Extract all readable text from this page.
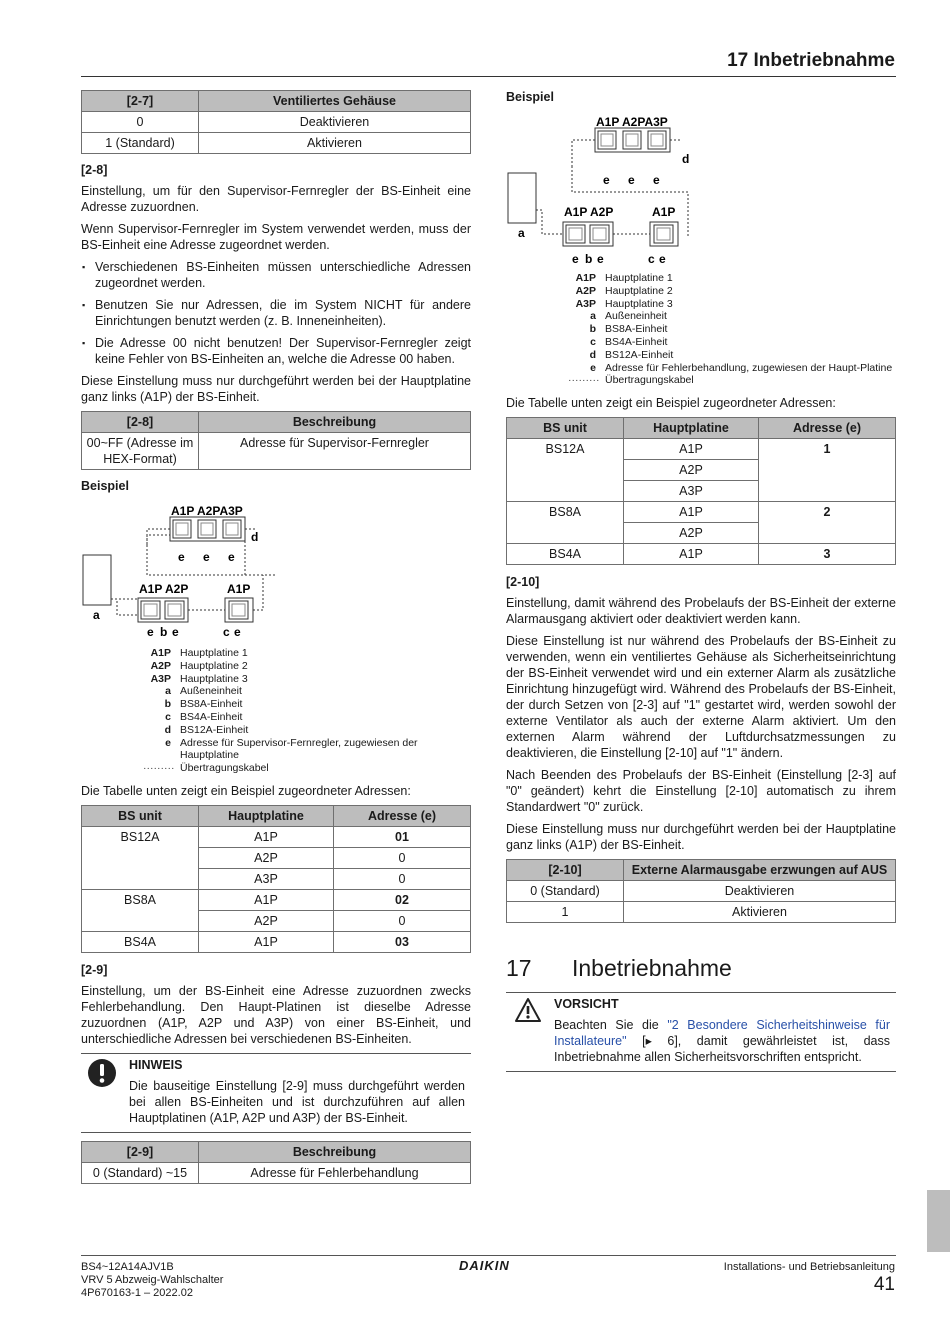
17 Inbetriebnahme
[2-7]	Ventiliertes Gehäuse
0	Deaktivieren
1 (Standard)	Aktivieren
[2-8]

Einstellung, um für den Supervisor-Fernregler der BS-Einheit eine Adresse zuzuordnen.

Wenn Supervisor-Fernregler im System verwendet werden, muss der BS-Einheit eine Adresse zugeordnet werden.

▪ Verschiedenen BS-Einheiten müssen unterschiedliche Adressen zugeordnet werden.
▪ Benutzen Sie nur Adressen, die im System NICHT für andere Einrichtungen benutzt werden (z. B. Inneneinheiten).
▪ Die Adresse 00 nicht benutzen! Der Supervisor-Fernregler zeigt keine Fehler von BS-Einheiten an, welche die Adresse 00 haben.

Diese Einstellung muss nur durchgeführt werden bei der Hauptplatine ganz links (A1P) der BS-Einheit.

[2-8]	Beschreibung
00~FF (Adresse im HEX-Format)	Adresse für Supervisor-Fernregler
Beispiel
A1P A2PA3P
d
e e e
a
A1P A2P	A1P
e b e	c e
A1P Hauptplatine 1
A2P Hauptplatine 2
A3P Hauptplatine 3
a Außeneinheit
b BS8A-Einheit
c BS4A-Einheit
d BS12A-Einheit
e Adresse für Supervisor-Fernregler, zugewiesen der Hauptplatine
········· Übertragungskabel

Die Tabelle unten zeigt ein Beispiel zugeordneter Adressen:

BS unit	Hauptplatine	Adresse (e)
BS12A	A1P	01
	A2P	0
	A3P	0
BS8A	A1P	02
	A2P	0
BS4A	A1P	03
[2-9]

Einstellung, um der BS-Einheit eine Adresse zuzuordnen zwecks Fehlerbehandlung. Den Haupt-Platinen ist dieselbe Adresse zuzuordnen (A1P, A2P und A3P) von einer BS-Einheit, und unterschiedliche Adressen bei verschiedenen BS-Einheiten.

HINWEIS
Die bauseitige Einstellung [2-9] muss durchgeführt werden bei allen BS-Einheiten und ist durchzuführen auf allen Hauptplatinen (A1P, A2P und A3P) der BS-Einheit.
[2-9]	Beschreibung
0 (Standard) ~15	Adresse für Fehlerbehandlung
Beispiel
A1P A2PA3P
d
e e e
a
A1P A2P	A1P
e b e	c e
A1P Hauptplatine 1
A2P Hauptplatine 2
A3P Hauptplatine 3
a Außeneinheit
b BS8A-Einheit
c BS4A-Einheit
d BS12A-Einheit
e Adresse für Fehlerbehandlung, zugewiesen der Haupt-Platine
········· Übertragungskabel

Die Tabelle unten zeigt ein Beispiel zugeordneter Adressen:

BS unit	Hauptplatine	Adresse (e)
BS12A	A1P	1
	A2P	
	A3P	
BS8A	A1P	2
	A2P	
BS4A	A1P	3
[2-10]

Einstellung, damit während des Probelaufs der BS-Einheit der externe Alarmausgang aktiviert oder deaktiviert werden kann.

Diese Einstellung ist nur während des Probelaufs der BS-Einheit zu verwenden, wenn ein ventiliertes Gehäuse als Sicherheitseinrichtung der BS-Einheit verwendet wird und ein externer Alarm als zusätzliche Einrichtung hinzugefügt wird. Während des Probelaufs der BS-Einheit, der durch Setzen von [2-3] auf "1" gestartet wird, werden sowohl der externe Ventilator als auch der externe Alarm aktiviert. Um den externen Alarm während der Luftdurchsatzmessungen zu deaktivieren, die Einstellung [2-10] auf "1" ändern.

Nach Beenden des Probelaufs der BS-Einheit (Einstellung [2-3] auf "0" geändert) kehrt die Einstellung [2-10] automatisch zu ihrem Standardwert "0" zurück.

Diese Einstellung muss nur durchgeführt werden bei der Hauptplatine ganz links (A1P) der BS-Einheit.

[2-10]	Externe Alarmausgabe erzwungen auf AUS
0 (Standard)	Deaktivieren
1	Aktivieren
17	Inbetriebnahme
VORSICHT
Beachten Sie die "2 Besondere Sicherheitshinweise für Installateure" [▸ 6], damit gewährleistet ist, dass Inbetriebnahme allen Sicherheitsvorschriften entspricht.
BS4~12A14AJV1B
VRV 5 Abzweig-Wahlschalter
4P670163-1 – 2022.02
DAIKIN	Installations- und Betriebsanleitung
41
